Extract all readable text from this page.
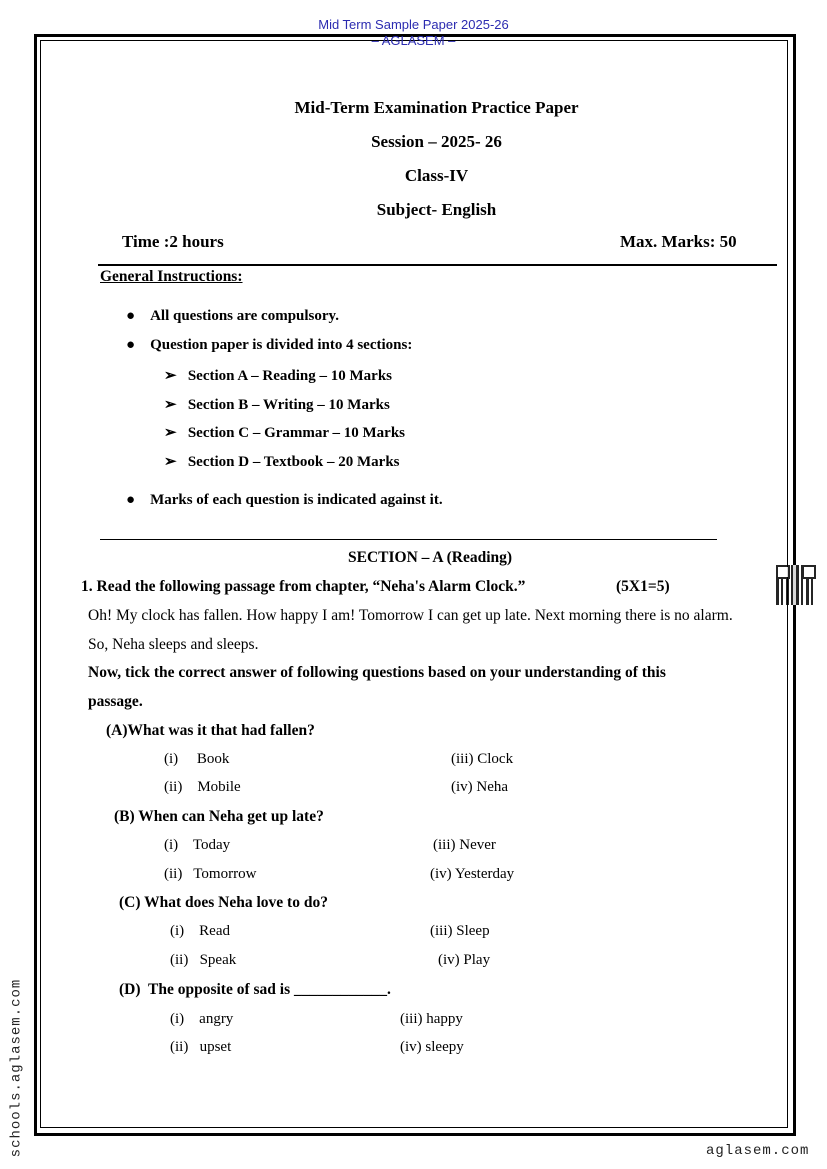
Mid Term Sample Paper 2025-26
– AGLASEM –
Mid-Term Examination Practice Paper
Session – 2025- 26
Class-IV
Subject- English
Time :2 hours	Max. Marks: 50
General Instructions:
●    All questions are compulsory.
●    Question paper is divided into 4 sections:
➢   Section A – Reading – 10 Marks
➢   Section B – Writing – 10 Marks
➢   Section C – Grammar – 10 Marks
➢   Section D – Textbook – 20 Marks
●    Marks of each question is indicated against it.
SECTION – A (Reading)
1. Read the following passage from chapter, “Neha's Alarm Clock.”	(5X1=5)
Oh! My clock has fallen. How happy I am! Tomorrow I can get up late. Next morning there is no alarm.
So, Neha sleeps and sleeps.
Now, tick the correct answer of following questions based on your understanding of this
passage.
(A)What was it that had fallen?
(i)     Book
(ii)    Mobile
(iii) Clock
(iv) Neha
(B) When can Neha get up late?
(i)    Today
(ii)   Tomorrow
(iii) Never
(iv) Yesterday
(C) What does Neha love to do?
(i)    Read
(ii)   Speak
(iii) Sleep
(iv) Play
(D)  The opposite of sad is ____________.
(i)    angry
(ii)   upset
(iii) happy
(iv) sleepy
schools.aglasem.com	aglasem.com
